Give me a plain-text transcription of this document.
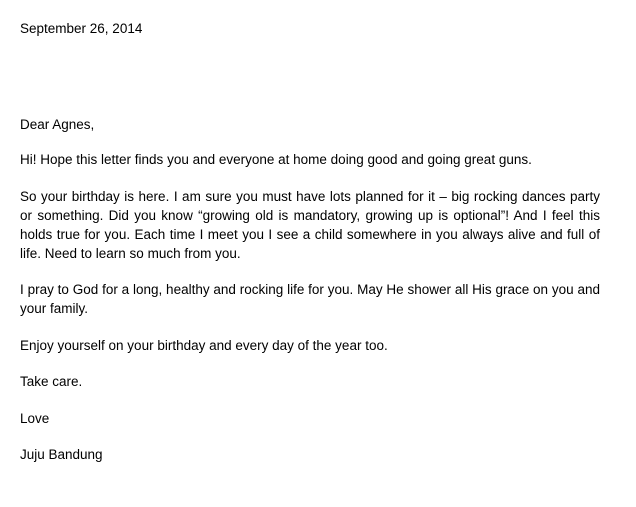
September 26, 2014
Dear Agnes,

Hi! Hope this letter finds you and everyone at home doing good and going great guns.

So your birthday is here. I am sure you must have lots planned for it – big rocking dances party or something. Did you know “growing old is mandatory, growing up is optional”! And I feel this holds true for you. Each time I meet you I see a child somewhere in you always alive and full of life. Need to learn so much from you.

I pray to God for a long, healthy and rocking life for you. May He shower all His grace on you and your family.

Enjoy yourself on your birthday and every day of the year too.
Take care.
Love
Juju Bandung
